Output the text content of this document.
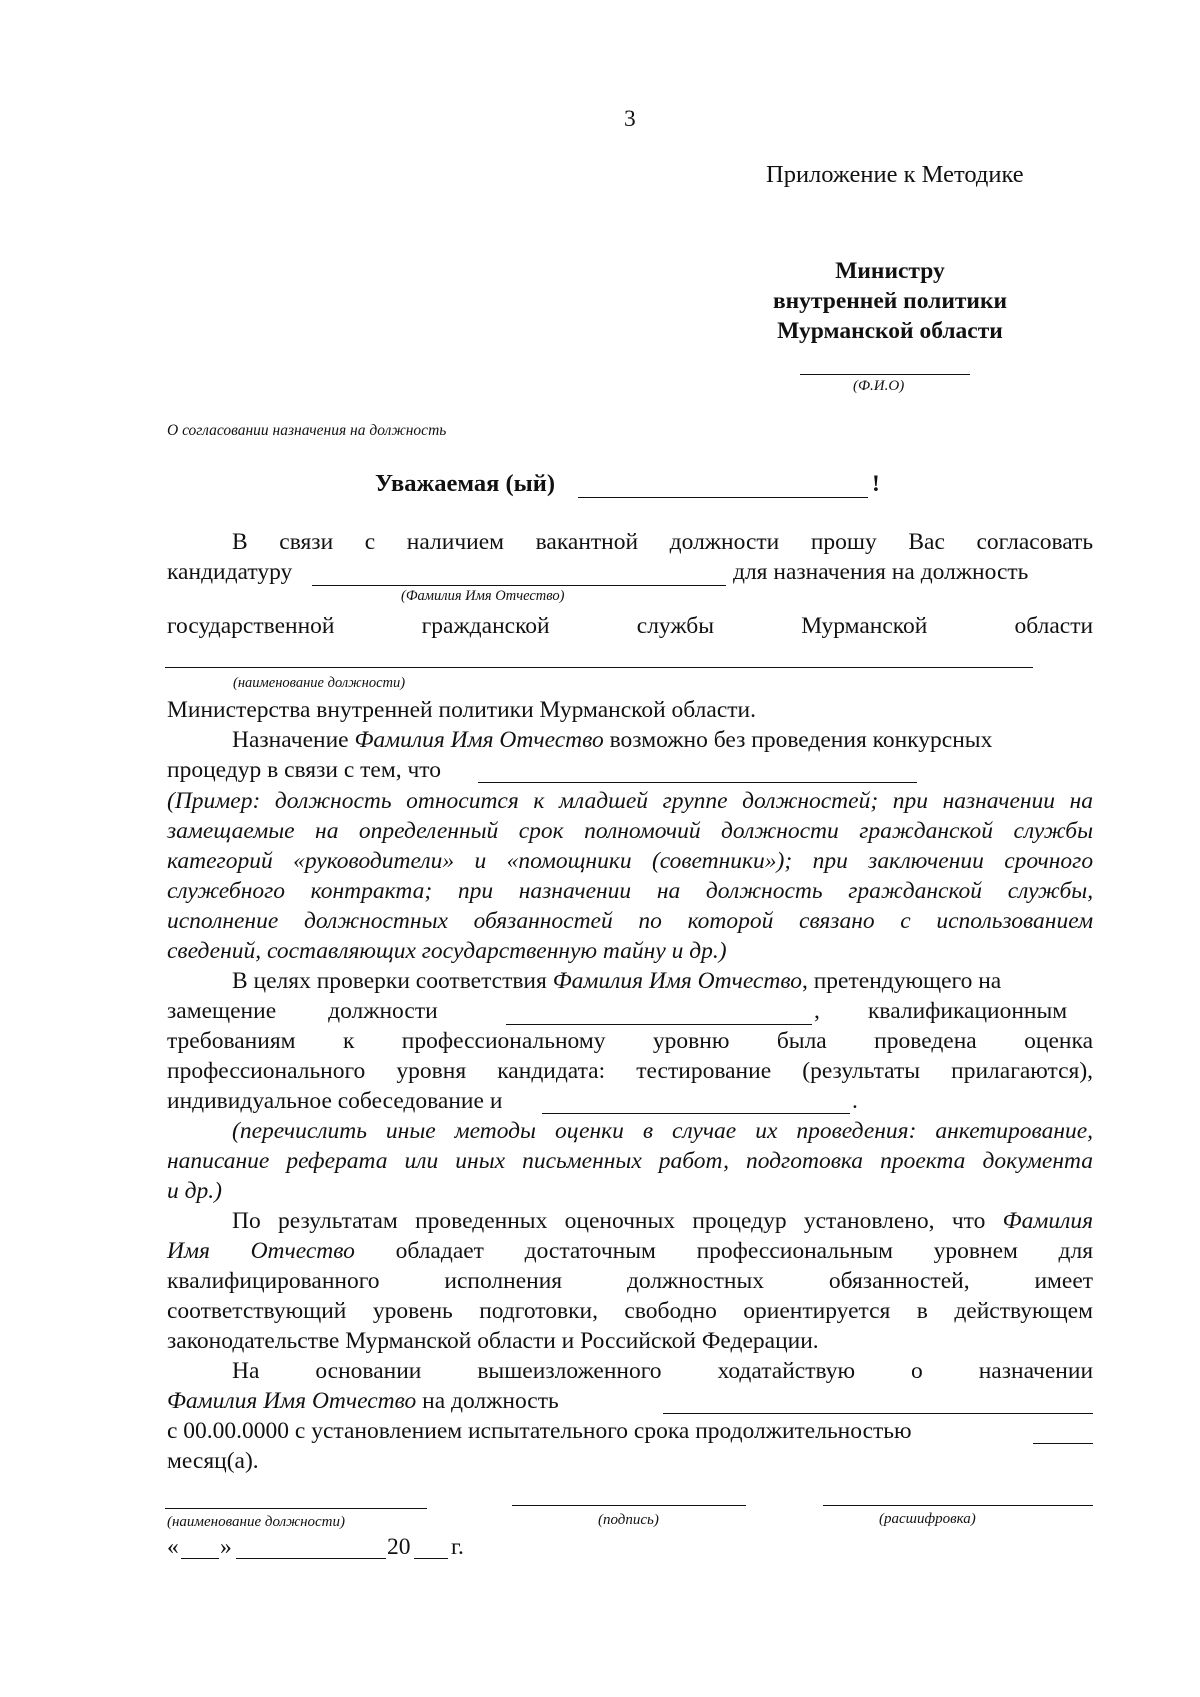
3
Приложение к Методике
Министру
внутренней политики
Мурманской области
(Ф.И.О)
О согласовании назначения на должность
Уважаемая (ый)	!
В связи с наличием вакантной должности прошу Вас согласовать
кандидатуру	для назначения на должность
(Фамилия Имя Отчество)
государственной	гражданской	службы	Мурманской	области
(наименование должности)
Министерства внутренней политики Мурманской области.
Назначение Фамилия Имя Отчество возможно без проведения конкурсных
процедур в связи с тем, что
(Пример: должность относится к младшей группе должностей; при назначении на
замещаемые на определенный срок полномочий должности гражданской службы
категорий «руководители» и «помощники (советники»); при заключении срочного
служебного контракта; при назначении на должность гражданской службы,
исполнение должностных обязанностей по которой связано с использованием
сведений, составляющих государственную тайну и др.)
В целях проверки соответствия Фамилия Имя Отчество, претендующего на
замещение должности	, квалификационным
требованиям к профессиональному уровню была проведена оценка
профессионального уровня кандидата: тестирование (результаты прилагаются),
индивидуальное собеседование и	.
(перечислить иные методы оценки в случае их проведения: анкетирование,
написание реферата или иных письменных работ, подготовка проекта документа
и др.)
По результатам проведенных оценочных процедур установлено, что Фамилия
Имя Отчество обладает достаточным профессиональным уровнем для
квалифицированного	исполнения	должностных	обязанностей,	имеет
соответствующий уровень подготовки, свободно ориентируется в действующем
законодательстве Мурманской области и Российской Федерации.
На основании вышеизложенного ходатайствую о назначении
Фамилия Имя Отчество на должность
с 00.00.0000 с установлением испытательного срока продолжительностью
месяц(а).
(наименование должности)	(подпись)	(расшифровка)
« »	20 г.
